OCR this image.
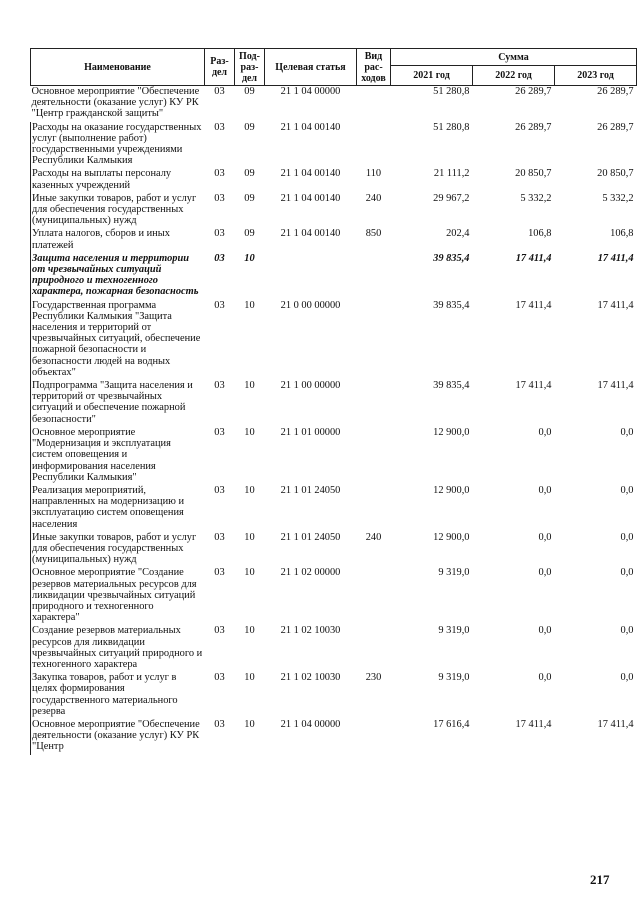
Наименование	Раз-дел	Под-раз-дел	Целевая статья	Вид рас-ходов	Сумма		
					2021 год	2022 год	2023 год
Основное мероприятие "Обеспечение деятельности (оказание услуг) КУ РК "Центр гражданской защиты"	03	09	21 1 04 00000		51 280,8	26 289,7	26 289,7
Расходы на оказание государственных услуг (выполнение работ) государственными учреждениями Республики Калмыкия	03	09	21 1 04 00140		51 280,8	26 289,7	26 289,7
Расходы на выплаты персоналу казенных учреждений	03	09	21 1 04 00140	110	21 111,2	20 850,7	20 850,7
Иные закупки товаров, работ и услуг для обеспечения государственных (муниципальных) нужд	03	09	21 1 04 00140	240	29 967,2	5 332,2	5 332,2
Уплата налогов, сборов и иных платежей	03	09	21 1 04 00140	850	202,4	106,8	106,8
Защита населения и территории от чрезвычайных ситуаций природного и техногенного характера, пожарная безопасность	03	10			39 835,4	17 411,4	17 411,4
Государственная программа Республики Калмыкия "Защита населения и территорий от чрезвычайных ситуаций, обеспечение пожарной безопасности и безопасности людей на водных объектах"	03	10	21 0 00 00000		39 835,4	17 411,4	17 411,4
Подпрограмма "Защита населения и территорий от чрезвычайных ситуаций и обеспечение пожарной безопасности"	03	10	21 1 00 00000		39 835,4	17 411,4	17 411,4
Основное мероприятие "Модернизация и эксплуатация систем оповещения и информирования населения Республики Калмыкия"	03	10	21 1 01 00000		12 900,0	0,0	0,0
Реализация мероприятий, направленных на модернизацию и эксплуатацию систем оповещения населения	03	10	21 1 01 24050		12 900,0	0,0	0,0
Иные закупки товаров, работ и услуг для обеспечения государственных (муниципальных) нужд	03	10	21 1 01 24050	240	12 900,0	0,0	0,0
Основное мероприятие "Создание резервов материальных ресурсов для ликвидации чрезвычайных ситуаций природного и техногенного характера"	03	10	21 1 02 00000		9 319,0	0,0	0,0
Создание резервов материальных ресурсов для ликвидации чрезвычайных ситуаций природного и техногенного характера	03	10	21 1 02 10030		9 319,0	0,0	0,0
Закупка товаров, работ и услуг в целях формирования государственного материального резерва	03	10	21 1 02 10030	230	9 319,0	0,0	0,0
Основное мероприятие "Обеспечение деятельности (оказание услуг) КУ РК "Центр	03	10	21 1 04 00000		17 616,4	17 411,4	17 411,4
217
